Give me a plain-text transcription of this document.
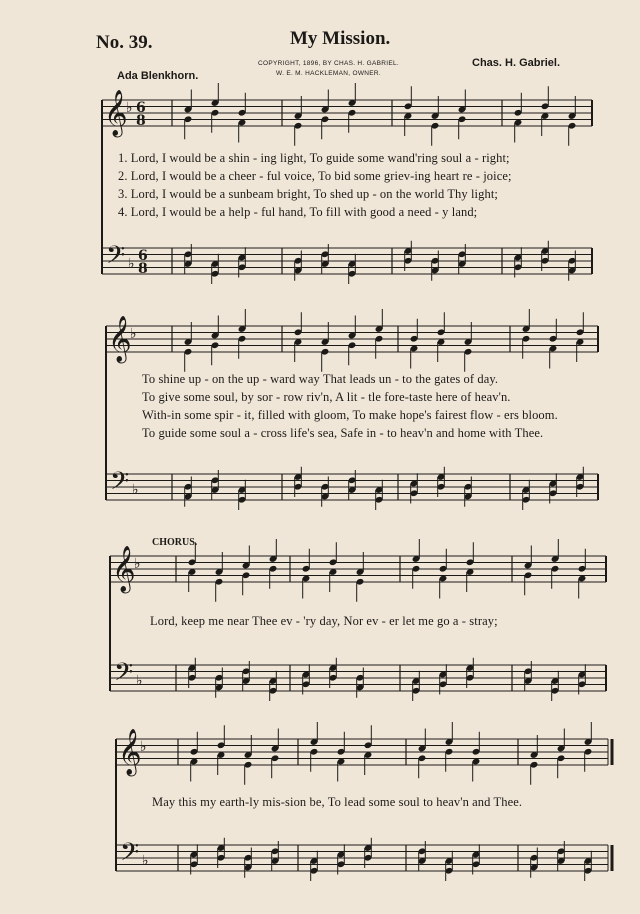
No. 39.	My Mission.
Ada Blenkhorn.
COPYRIGHT, 1896, BY CHAS. H. GABRIEL.
W. E. M. HACKLEMAN, OWNER.
Chas. H. Gabriel.
𝄞
𝄢
♭
♭
6
8
6
8
𝄞
𝄢
♭
♭
𝄞
𝄢
♭
♭
𝄞
𝄢
♭
♭
1. Lord, I would be a shin - ing light, To guide some wand'ring soul a - right;
2. Lord, I would be a cheer - ful voice, To bid some griev-ing heart re - joice;
3. Lord, I would be a sunbeam bright, To shed up - on the world Thy light;
4. Lord, I would be a help - ful hand, To fill with good a need - y land;
To shine up - on the up - ward way That leads un - to the gates of day.
To give some soul, by sor - row riv'n, A lit - tle fore-taste here of heav'n.
With-in some spir - it, filled with gloom, To make hope's fairest flow - ers bloom.
To guide some soul a - cross life's sea, Safe in - to heav'n and home with Thee.
CHORUS.
Lord, keep me near Thee ev - 'ry day, Nor ev - er let me go a - stray;
May this my earth-ly mis-sion be, To lead some soul to heav'n and Thee.
